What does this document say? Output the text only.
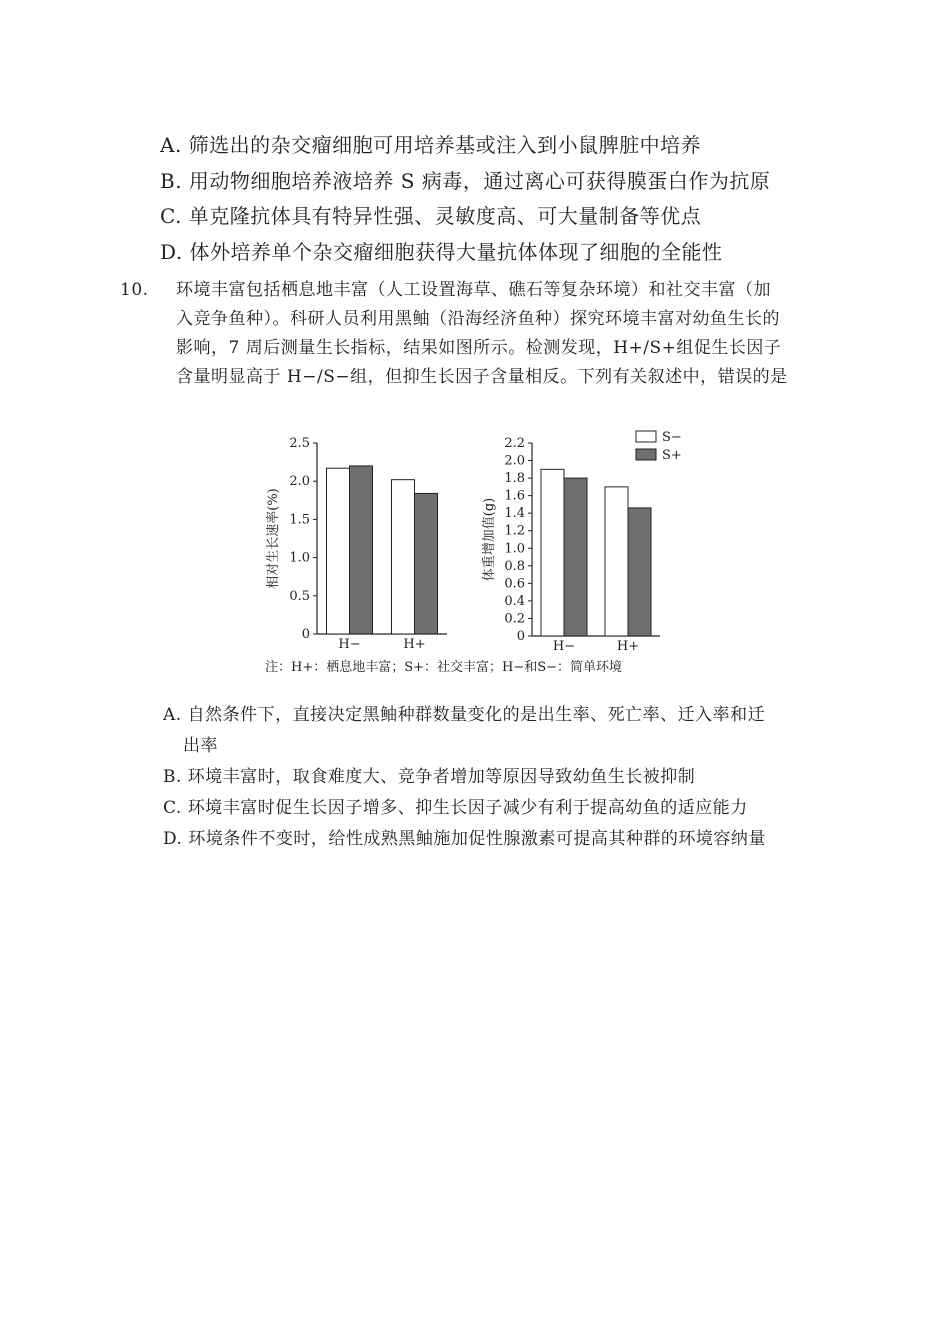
A. 筛选出的杂交瘤细胞可用培养基或注入到小鼠脾脏中培养
B. 用动物细胞培养液培养 S 病毒，通过离心可获得膜蛋白作为抗原
C. 单克隆抗体具有特异性强、灵敏度高、可大量制备等优点
D. 体外培养单个杂交瘤细胞获得大量抗体体现了细胞的全能性
10. 环境丰富包括栖息地丰富（人工设置海草、礁石等复杂环境）和社交丰富（加入竞争鱼种）。科研人员利用黑鲉（沿海经济鱼种）探究环境丰富对幼鱼生长的影响，7 周后测量生长指标，结果如图所示。检测发现，H+/S+组促生长因子含量明显高于 H−/S−组，但抑生长因子含量相反。下列有关叙述中，错误的是
0
0.5
1.0
1.5
2.0
2.5
相对生长速率(%)
H−	H+
0
0.2
0.4
0.6
0.8
1.0
1.2
1.4
1.6
1.8
2.0
2.2
体重增加值(g)
H−	H+
S−
S+
注：H+：栖息地丰富；S+：社交丰富；H−和S−：简单环境
A. 自然条件下，直接决定黑鲉种群数量变化的是出生率、死亡率、迁入率和迁出率
B. 环境丰富时，取食难度大、竞争者增加等原因导致幼鱼生长被抑制
C. 环境丰富时促生长因子增多、抑生长因子减少有利于提高幼鱼的适应能力
D. 环境条件不变时，给性成熟黑鲉施加促性腺激素可提高其种群的环境容纳量
